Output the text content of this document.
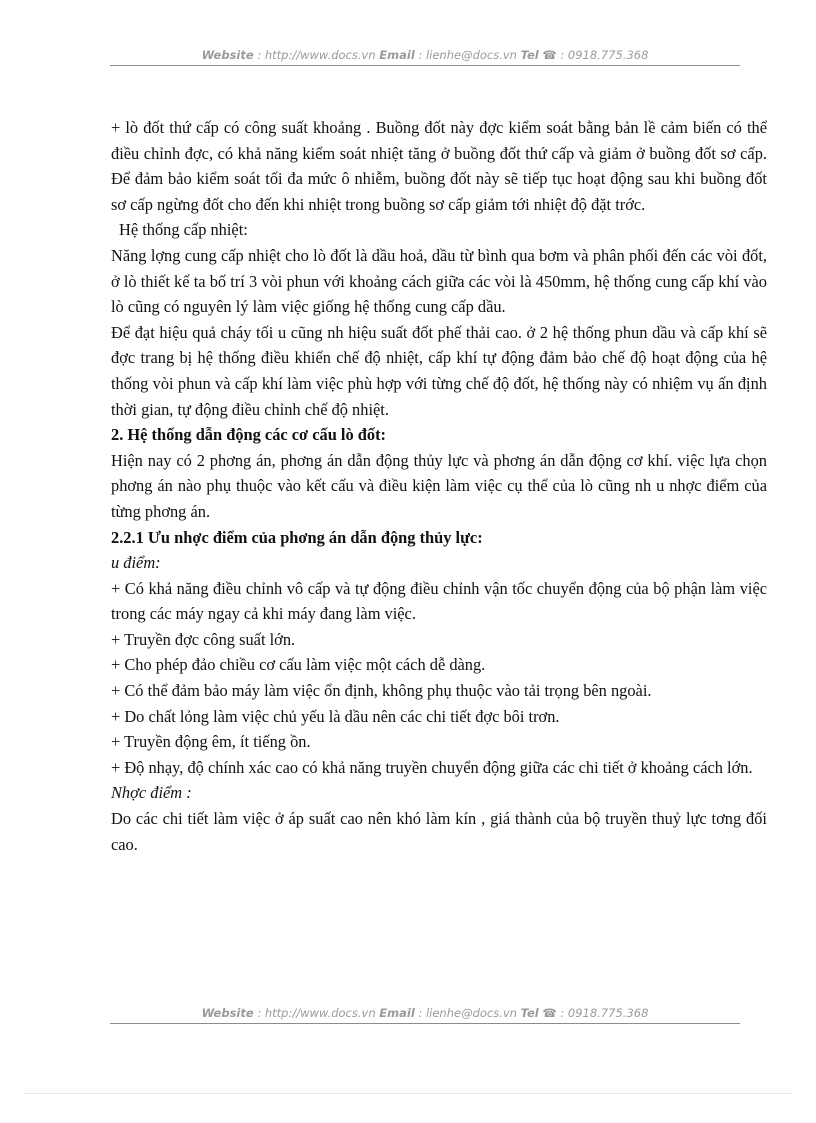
Website : http://www.docs.vn Email : lienhe@docs.vn Tel ☎ : 0918.775.368

+ lò đốt thứ cấp có công suất khoảng . Buồng đốt này đợc kiểm soát bằng bản lề cảm biến có thể điều chỉnh đợc, có khả năng kiểm soát nhiệt tăng ở buồng đốt thứ cấp và giảm ở buồng đốt sơ cấp. Để đảm bảo kiểm soát tối đa mức ô nhiễm, buồng đốt này sẽ tiếp tục hoạt động sau khi buồng đốt sơ cấp ngừng đốt cho đến khi nhiệt trong buồng sơ cấp giảm tới nhiệt độ đặt trớc.

Hệ thống cấp nhiệt:

Năng lợng cung cấp nhiệt cho lò đốt là dầu hoả, dầu từ bình qua bơm và phân phối đến các vòi đốt, ở lò thiết kế ta bố trí 3 vòi phun với khoảng cách giữa các vòi là 450mm, hệ thống cung cấp khí vào lò cũng có nguyên lý làm việc giống hệ thống cung cấp dầu.

Để đạt hiệu quả cháy tối u cũng nh hiệu suất đốt phế thải cao. ở 2 hệ thống phun dầu và cấp khí sẽ đợc trang bị hệ thống điều khiển chế độ nhiệt, cấp khí tự động đảm bảo chế độ hoạt động của hệ thống vòi phun và cấp khí làm việc phù hợp với từng chế độ đốt, hệ thống này có nhiệm vụ ấn định thời gian, tự động điều chỉnh chế độ nhiệt.

2. Hệ thống dẫn động các cơ cấu lò đốt:

Hiện nay có 2 phơng án, phơng án dẫn động thủy lực và phơng án dẫn động cơ khí. việc lựa chọn phơng án nào phụ thuộc vào kết cấu và điều kiện làm việc cụ thể của lò cũng nh u nhợc điểm của từng phơng án.

2.2.1 Ưu nhợc điểm của phơng án dẫn động thủy lực:

u điểm:

+ Có khả năng điều chỉnh vô cấp và tự động điều chỉnh vận tốc chuyển động của bộ phận làm việc trong các máy ngay cả khi máy đang làm việc.

+ Truyền đợc công suất lớn.

+ Cho phép đảo chiều cơ cấu làm việc một cách dễ dàng.

+ Có thể đảm bảo máy làm việc ổn định, không phụ thuộc vào tải trọng bên ngoài.

+ Do chất lỏng làm việc chủ yếu là dầu nên các chi tiết đợc bôi trơn.

+ Truyền động êm, ít tiếng ồn.

+ Độ nhạy, độ chính xác cao có khả năng truyền chuyển động giữa các chi tiết ở khoảng cách lớn.

Nhợc điểm :

Do các chi tiết làm việc ở áp suất cao nên khó làm kín , giá thành của bộ truyền thuỷ lực tơng đối cao.

Website : http://www.docs.vn Email : lienhe@docs.vn Tel ☎ : 0918.775.368
